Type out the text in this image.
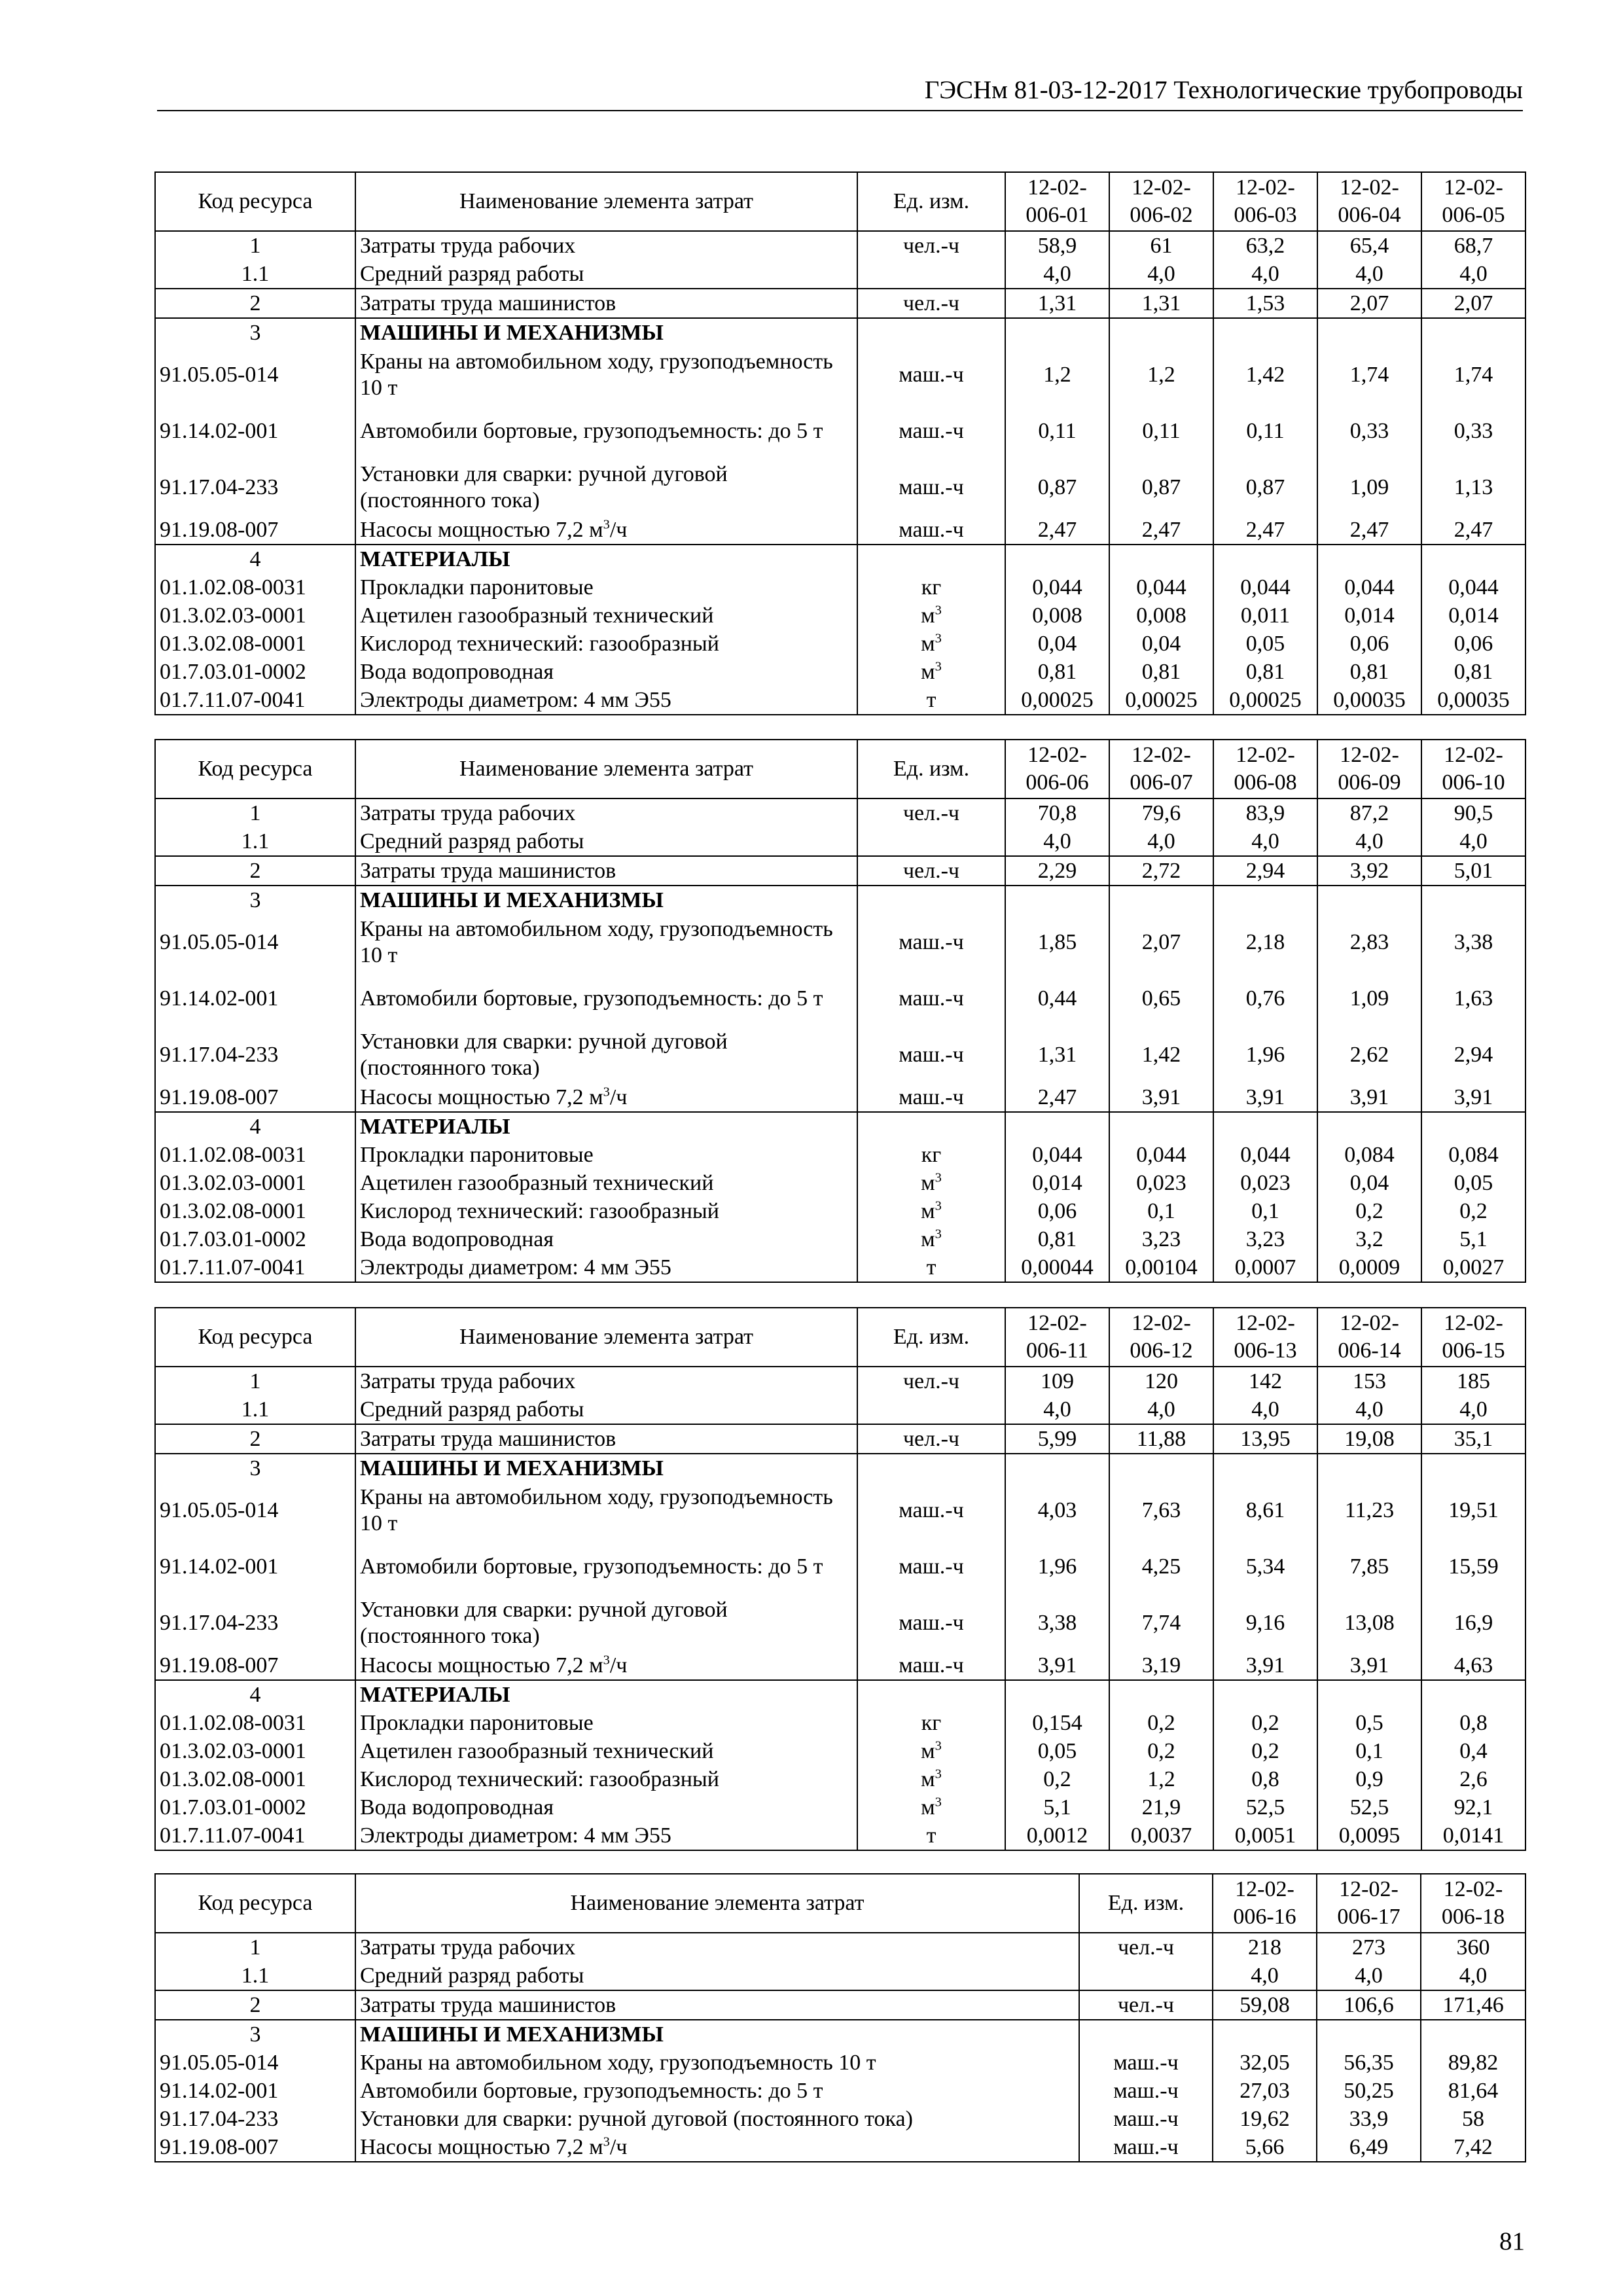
ГЭСНм 81-03-12-2017 Технологические трубопроводы
Код ресурса	Наименование элемента затрат	Ед. изм.	12-02-006-01	12-02-006-02	12-02-006-03	12-02-006-04	12-02-006-05
1	Затраты труда рабочих	чел.-ч	58,9	61	63,2	65,4	68,7
1.1	Средний разряд работы		4,0	4,0	4,0	4,0	4,0
2	Затраты труда машинистов	чел.-ч	1,31	1,31	1,53	2,07	2,07
3	МАШИНЫ И МЕХАНИЗМЫ						
91.05.05-014	Краны на автомобильном ходу, грузоподъемность 10 т	маш.-ч	1,2	1,2	1,42	1,74	1,74
91.14.02-001	Автомобили бортовые, грузоподъемность: до 5 т	маш.-ч	0,11	0,11	0,11	0,33	0,33
91.17.04-233	Установки для сварки: ручной дуговой (постоянного тока)	маш.-ч	0,87	0,87	0,87	1,09	1,13
91.19.08-007	Насосы мощностью 7,2 $м^3/ч$	маш.-ч	2,47	2,47	2,47	2,47	2,47
4	МАТЕРИАЛЫ						
01.1.02.08-0031	Прокладки паронитовые	кг	0,044	0,044	0,044	0,044	0,044
01.3.02.03-0001	Ацетилен газообразный технический	$м^3$	0,008	0,008	0,011	0,014	0,014
01.3.02.08-0001	Кислород технический: газообразный	$м^3$	0,04	0,04	0,05	0,06	0,06
01.7.03.01-0002	Вода водопроводная	$м^3$	0,81	0,81	0,81	0,81	0,81
01.7.11.07-0041	Электроды диаметром: 4 мм Э55	т	0,00025	0,00025	0,00025	0,00035	0,00035
Код ресурса	Наименование элемента затрат	Ед. изм.	12-02-006-06	12-02-006-07	12-02-006-08	12-02-006-09	12-02-006-10
1	Затраты труда рабочих	чел.-ч	70,8	79,6	83,9	87,2	90,5
1.1	Средний разряд работы		4,0	4,0	4,0	4,0	4,0
2	Затраты труда машинистов	чел.-ч	2,29	2,72	2,94	3,92	5,01
3	МАШИНЫ И МЕХАНИЗМЫ						
91.05.05-014	Краны на автомобильном ходу, грузоподъемность 10 т	маш.-ч	1,85	2,07	2,18	2,83	3,38
91.14.02-001	Автомобили бортовые, грузоподъемность: до 5 т	маш.-ч	0,44	0,65	0,76	1,09	1,63
91.17.04-233	Установки для сварки: ручной дуговой (постоянного тока)	маш.-ч	1,31	1,42	1,96	2,62	2,94
91.19.08-007	Насосы мощностью 7,2 $м^3/ч$	маш.-ч	2,47	3,91	3,91	3,91	3,91
4	МАТЕРИАЛЫ						
01.1.02.08-0031	Прокладки паронитовые	кг	0,044	0,044	0,044	0,084	0,084
01.3.02.03-0001	Ацетилен газообразный технический	$м^3$	0,014	0,023	0,023	0,04	0,05
01.3.02.08-0001	Кислород технический: газообразный	$м^3$	0,06	0,1	0,1	0,2	0,2
01.7.03.01-0002	Вода водопроводная	$м^3$	0,81	3,23	3,23	3,2	5,1
01.7.11.07-0041	Электроды диаметром: 4 мм Э55	т	0,00044	0,00104	0,0007	0,0009	0,0027
Код ресурса	Наименование элемента затрат	Ед. изм.	12-02-006-11	12-02-006-12	12-02-006-13	12-02-006-14	12-02-006-15
1	Затраты труда рабочих	чел.-ч	109	120	142	153	185
1.1	Средний разряд работы		4,0	4,0	4,0	4,0	4,0
2	Затраты труда машинистов	чел.-ч	5,99	11,88	13,95	19,08	35,1
3	МАШИНЫ И МЕХАНИЗМЫ						
91.05.05-014	Краны на автомобильном ходу, грузоподъемность 10 т	маш.-ч	4,03	7,63	8,61	11,23	19,51
91.14.02-001	Автомобили бортовые, грузоподъемность: до 5 т	маш.-ч	1,96	4,25	5,34	7,85	15,59
91.17.04-233	Установки для сварки: ручной дуговой (постоянного тока)	маш.-ч	3,38	7,74	9,16	13,08	16,9
91.19.08-007	Насосы мощностью 7,2 $м^3/ч$	маш.-ч	3,91	3,19	3,91	3,91	4,63
4	МАТЕРИАЛЫ						
01.1.02.08-0031	Прокладки паронитовые	кг	0,154	0,2	0,2	0,5	0,8
01.3.02.03-0001	Ацетилен газообразный технический	$м^3$	0,05	0,2	0,2	0,1	0,4
01.3.02.08-0001	Кислород технический: газообразный	$м^3$	0,2	1,2	0,8	0,9	2,6
01.7.03.01-0002	Вода водопроводная	$м^3$	5,1	21,9	52,5	52,5	92,1
01.7.11.07-0041	Электроды диаметром: 4 мм Э55	т	0,0012	0,0037	0,0051	0,0095	0,0141
Код ресурса	Наименование элемента затрат	Ед. изм.	12-02-006-16	12-02-006-17	12-02-006-18
1	Затраты труда рабочих	чел.-ч	218	273	360
1.1	Средний разряд работы		4,0	4,0	4,0
2	Затраты труда машинистов	чел.-ч	59,08	106,6	171,46
3	МАШИНЫ И МЕХАНИЗМЫ				
91.05.05-014	Краны на автомобильном ходу, грузоподъемность 10 т	маш.-ч	32,05	56,35	89,82
91.14.02-001	Автомобили бортовые, грузоподъемность: до 5 т	маш.-ч	27,03	50,25	81,64
91.17.04-233	Установки для сварки: ручной дуговой (постоянного тока)	маш.-ч	19,62	33,9	58
91.19.08-007	Насосы мощностью 7,2 $м^3/ч$	маш.-ч	5,66	6,49	7,42
81
